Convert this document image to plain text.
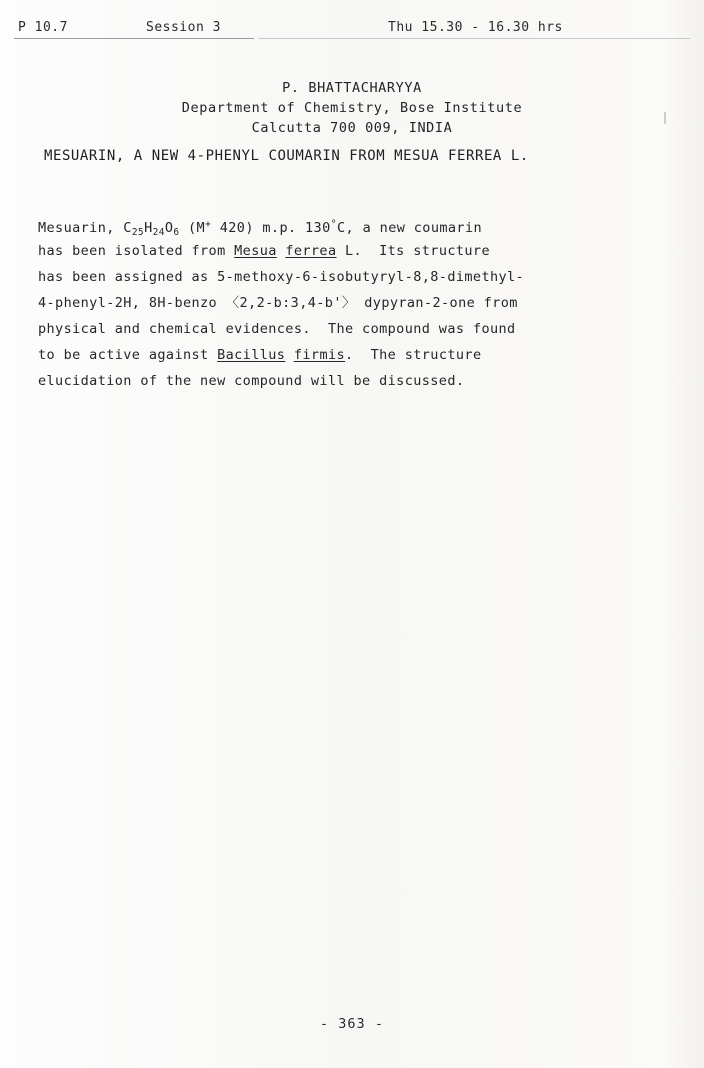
P 10.7	Session 3	Thu 15.30 - 16.30 hrs
P. BHATTACHARYYA
Department of Chemistry, Bose Institute
Calcutta 700 009, INDIA
MESUARIN, A NEW 4-PHENYL COUMARIN FROM MESUA FERREA L.
Mesuarin, $C_{25}H_{24}O_6$ (M+ 420) m.p. 130°C, a new coumarin
has been isolated from Mesua ferrea L.  Its structure
has been assigned as 5-methoxy-6-isobutyryl-8,8-dimethyl-
4-phenyl-2H, 8H-benzo 〈2,2-b:3,4-b'〉 dypyran-2-one from
physical and chemical evidences.  The compound was found
to be active against Bacillus firmis.  The structure
elucidation of the new compound will be discussed.
- 363 -
